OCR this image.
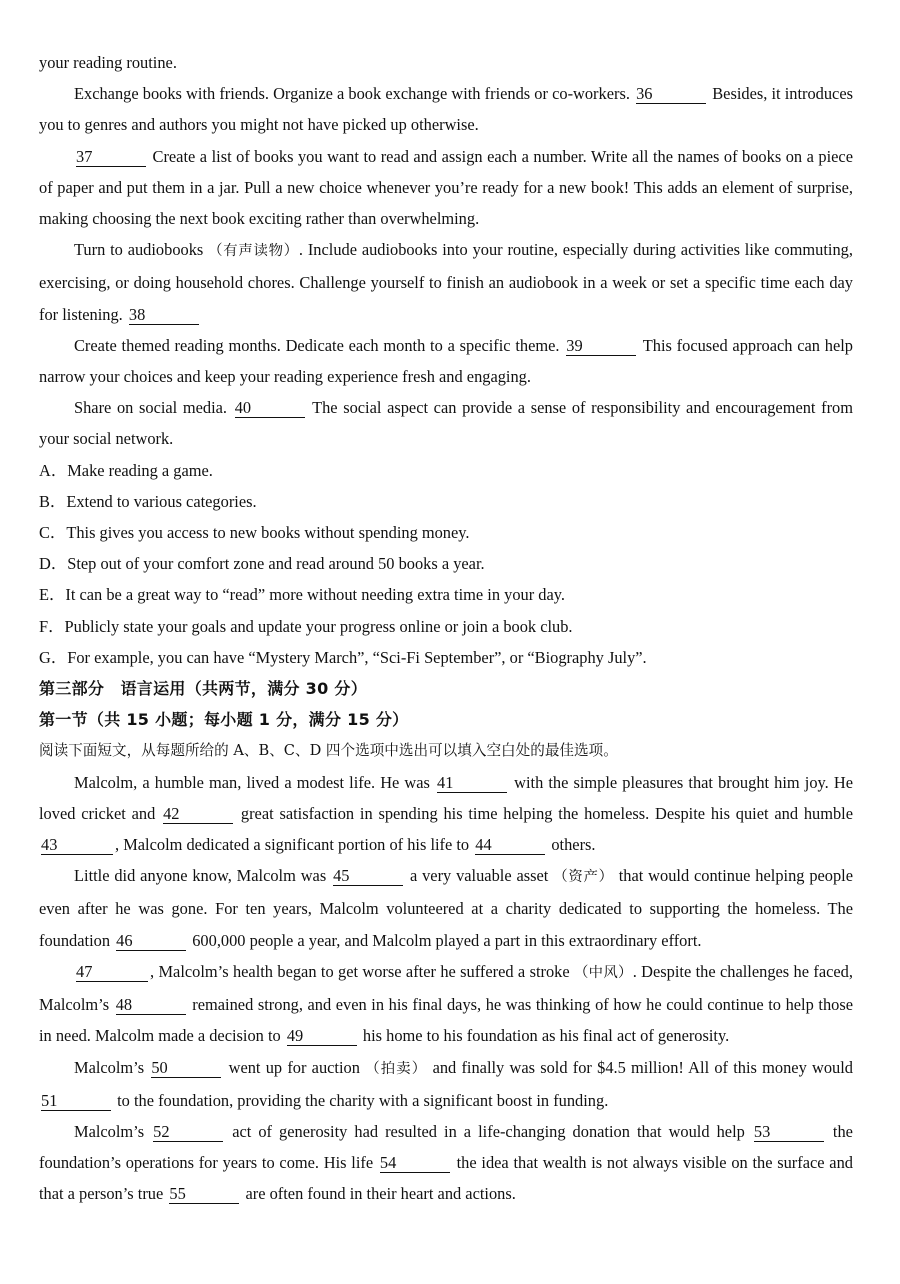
your reading routine.

Exchange books with friends. Organize a book exchange with friends or co-workers. 36	Besides, it introduces you to genres and authors you might not have picked up otherwise.

37	Create a list of books you want to read and assign each a number. Write all the names of books on a piece of paper and put them in a jar. Pull a new choice whenever you’re ready for a new book! This adds an element of surprise, making choosing the next book exciting rather than overwhelming.

Turn to audiobooks （有声读物）. Include audiobooks into your routine, especially during activities like commuting, exercising, or doing household chores. Challenge yourself to finish an audiobook in a week or set a specific time each day for listening. 38

Create themed reading months. Dedicate each month to a specific theme. 39	This focused approach can help narrow your choices and keep your reading experience fresh and engaging.

Share on social media. 40	The social aspect can provide a sense of responsibility and encouragement from your social network.

A．Make reading a game.

B．Extend to various categories.

C．This gives you access to new books without spending money.

D．Step out of your comfort zone and read around 50 books a year.

E．It can be a great way to “read” more without needing extra time in your day.

F．Publicly state your goals and update your progress online or join a book club.

G．For example, you can have “Mystery March”, “Sci-Fi September”, or “Biography July”.

第三部分　语言运用（共两节，满分 30 分）

第一节（共 15 小题；每小题 1 分，满分 15 分）

阅读下面短文，从每题所给的 A、B、C、D 四个选项中选出可以填入空白处的最佳选项。

Malcolm, a humble man, lived a modest life. He was 41	with the simple pleasures that brought him joy. He loved cricket and 42	great satisfaction in spending his time helping the homeless. Despite his quiet and humble 43	, Malcolm dedicated a significant portion of his life to 44	others.

Little did anyone know, Malcolm was 45	a very valuable asset （资产） that would continue helping people even after he was gone. For ten years, Malcolm volunteered at a charity dedicated to supporting the homeless. The foundation 46	600,000 people a year, and Malcolm played a part in this extraordinary effort.

47	, Malcolm’s health began to get worse after he suffered a stroke （中风）. Despite the challenges he faced, Malcolm’s 48	remained strong, and even in his final days, he was thinking of how he could continue to help those in need. Malcolm made a decision to 49	his home to his foundation as his final act of generosity.

Malcolm’s 50	went up for auction （拍卖） and finally was sold for $4.5 million! All of this money would 51	to the foundation, providing the charity with a significant boost in funding.

Malcolm’s 52	act of generosity had resulted in a life-changing donation that would help 53	the foundation’s operations for years to come. His life 54	the idea that wealth is not always visible on the surface and that a person’s true 55	are often found in their heart and actions.
